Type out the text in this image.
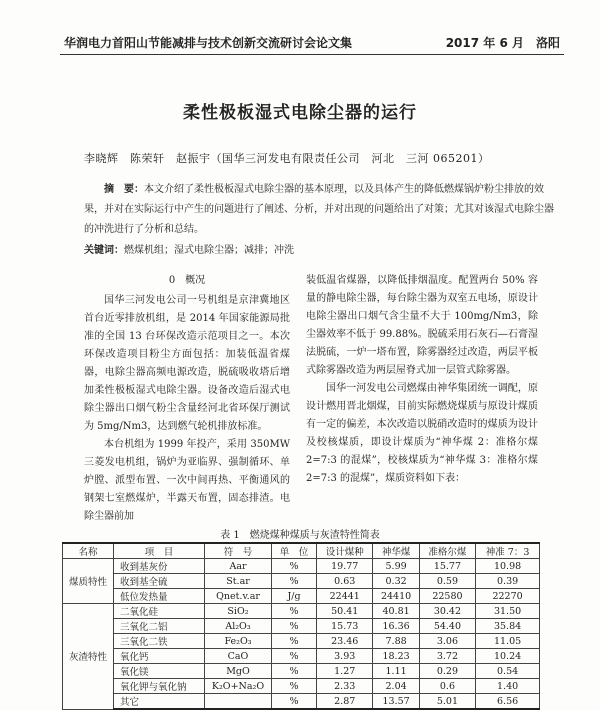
华润电力首阳山节能减排与技术创新交流研讨会论文集	2017 年 6 月　洛阳
柔性极板湿式电除尘器的运行
李晓辉　陈荣轩　赵振宇（国华三河发电有限责任公司　河北　三河 065201）
摘　要：本文介绍了柔性极板湿式电除尘器的基本原理，以及具体产生的降低燃煤锅炉粉尘排放的效果，并对在实际运行中产生的问题进行了阐述、分析，并对出现的问题给出了对策；尤其对该湿式电除尘器的冲洗进行了分析和总结。
关键词：燃煤机组；湿式电除尘器；减排；冲洗
0　概况

国华三河发电公司一号机组是京津冀地区首台近零排放机组，是 2014 年国家能源局批准的全国 13 台环保改造示范项目之一。本次环保改造项目粉尘方面包括：加装低温省煤器，电除尘器高频电源改造，脱硫吸收塔后增加柔性极板湿式电除尘器。设备改造后湿式电除尘器出口烟气粉尘含量经河北省环保厅测试为 5mg/Nm3，达到燃气轮机排放标准。

本台机组为 1999 年投产，采用 350MW 三菱发电机组，锅炉为亚临界、强制循环、单炉膛、派型布置、一次中间再热、平衡通风的钢架七室燃煤炉，半露天布置，固态排渣。电除尘器前加

装低温省煤器，以降低排烟温度。配置两台 50% 容量的静电除尘器，每台除尘器为双室五电场，原设计电除尘器出口烟气含尘量不大于 100mg/Nm3，除尘器效率不低于 99.88%。脱硫采用石灰石—石膏湿法脱硫，一炉一塔布置，除雾器经过改造，两层平板式除雾器改造为两层屋脊式加一层管式除雾器。

国华一河发电公司燃煤由神华集团统一调配，原设计燃用晋北烟煤，目前实际燃烧煤质与原设计煤质有一定的偏差，本次改造以脱硝改造时的煤质为设计及校核煤质，即设计煤质为“神华煤 2：准格尔煤 2=7:3 的混煤”，校核煤质为“神华煤 3：准格尔煤 2=7:3 的混煤”，煤质资料如下表：

表 1　燃烧煤种煤质与灰渣特性简表
名称	项　目	符　号	单　位	设计煤种	神华煤	准格尔煤	神准 7：3
煤质特性	收到基灰份	Aar	%	19.77	5.99	15.77	10.98
	收到基全硫	St.ar	%	0.63	0.32	0.59	0.39
	低位发热量	Qnet.v.ar	J/g	22441	24410	22580	22270
灰渣特性	二氧化硅	SiO₂	%	50.41	40.81	30.42	31.50
	三氧化二铝	Al₂O₃	%	15.73	16.36	54.40	35.84
	三氧化二铁	Fe₂O₃	%	23.46	7.88	3.06	11.05
	氧化钙	CaO	%	3.93	18.23	3.72	10.24
	氧化镁	MgO	%	1.27	1.11	0.29	0.54
	氧化钾与氧化钠	K₂O+Na₂O	%	2.33	2.04	0.6	1.40
	其它		%	2.87	13.57	5.01	6.56
